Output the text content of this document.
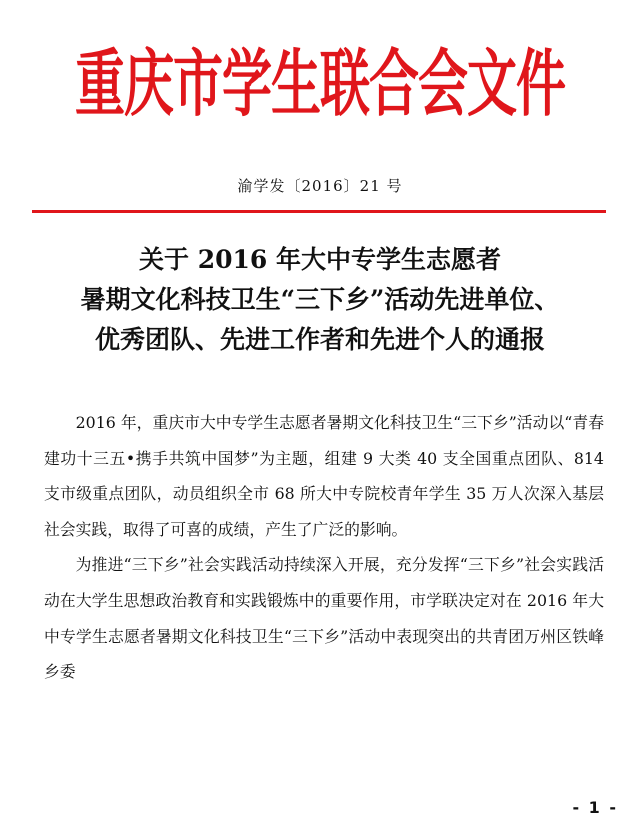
重庆市学生联合会文件
渝学发〔2016〕21 号
关于 2016 年大中专学生志愿者
暑期文化科技卫生“三下乡”活动先进单位、
优秀团队、先进工作者和先进个人的通报

2016 年，重庆市大中专学生志愿者暑期文化科技卫生“三下乡”活动以“青春建功十三五•携手共筑中国梦”为主题，组建 9 大类 40 支全国重点团队、814 支市级重点团队，动员组织全市 68 所大中专院校青年学生 35 万人次深入基层社会实践，取得了可喜的成绩，产生了广泛的影响。

为推进“三下乡”社会实践活动持续深入开展，充分发挥“三下乡”社会实践活动在大学生思想政治教育和实践锻炼中的重要作用，市学联决定对在 2016 年大中专学生志愿者暑期文化科技卫生“三下乡”活动中表现突出的共青团万州区铁峰乡委

- 1 -
